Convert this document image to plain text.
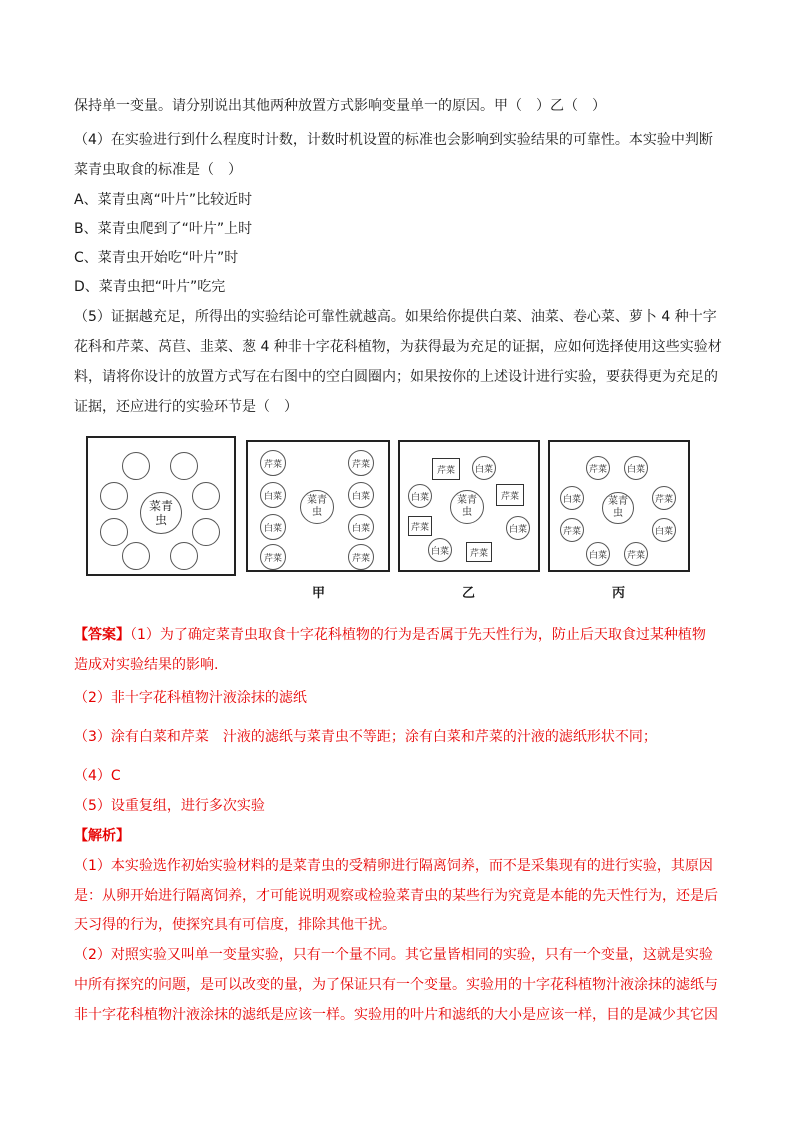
保持单一变量。请分别说出其他两种放置方式影响变量单一的原因。甲（　）乙（　）
（4）在实验进行到什么程度时计数，计数时机设置的标准也会影响到实验结果的可靠性。本实验中判断
菜青虫取食的标准是（　）
A、菜青虫离“叶片”比较近时
B、菜青虫爬到了“叶片”上时
C、菜青虫开始吃“叶片”时
D、菜青虫把“叶片”吃完
（5）证据越充足，所得出的实验结论可靠性就越高。如果给你提供白菜、油菜、卷心菜、萝卜 4 种十字
花科和芹菜、莴苣、韭菜、葱 4 种非十字花科植物，为获得最为充足的证据，应如何选择使用这些实验材
料，请将你设计的放置方式写在右图中的空白圆圈内；如果按你的上述设计进行实验，要获得更为充足的
证据，还应进行的实验环节是（　）
菜青虫
芹菜	芹菜
白菜	白菜
白菜	白菜
芹菜	芹菜
菜青虫
甲
芹菜 白菜
白菜	芹菜
芹菜	白菜
白菜 芹菜
菜青虫
乙
芹菜 白菜
白菜	芹菜
芹菜	白菜
白菜 芹菜
菜青虫
丙
【答案】（1）为了确定菜青虫取食十字花科植物的行为是否属于先天性行为，防止后天取食过某种植物
造成对实验结果的影响.
（2）非十字花科植物汁液涂抹的滤纸
（3）涂有白菜和芹菜　汁液的滤纸与菜青虫不等距；涂有白菜和芹菜的汁液的滤纸形状不同；
（4）C
（5）设重复组，进行多次实验
【解析】
（1）本实验选作初始实验材料的是菜青虫的受精卵进行隔离饲养，而不是采集现有的进行实验，其原因
是：从卵开始进行隔离饲养，才可能说明观察或检验菜青虫的某些行为究竟是本能的先天性行为，还是后
天习得的行为，使探究具有可信度，排除其他干扰。
（2）对照实验又叫单一变量实验，只有一个量不同。其它量皆相同的实验，只有一个变量，这就是实验
中所有探究的问题，是可以改变的量，为了保证只有一个变量。实验用的十字花科植物汁液涂抹的滤纸与
非十字花科植物汁液涂抹的滤纸是应该一样。实验用的叶片和滤纸的大小是应该一样，目的是减少其它因
